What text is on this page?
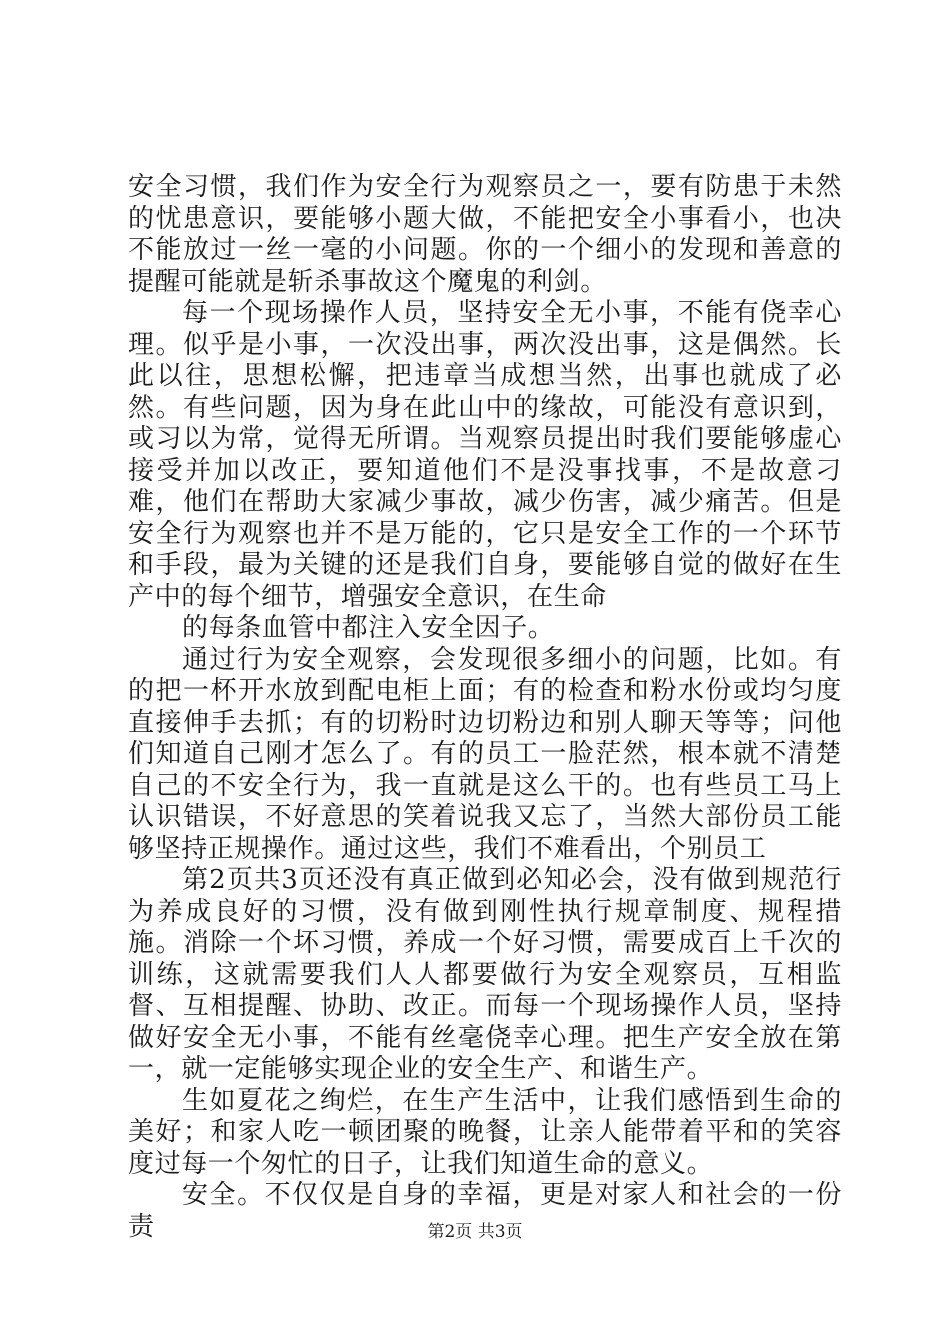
安全习惯，我们作为安全行为观察员之一，要有防患于未然的忧患意识，要能够小题大做，不能把安全小事看小，也决不能放过一丝一毫的小问题。你的一个细小的发现和善意的提醒可能就是斩杀事故这个魔鬼的利剑。

每一个现场操作人员，坚持安全无小事，不能有侥幸心理。似乎是小事，一次没出事，两次没出事，这是偶然。长此以往，思想松懈，把违章当成想当然，出事也就成了必然。有些问题，因为身在此山中的缘故，可能没有意识到，或习以为常，觉得无所谓。当观察员提出时我们要能够虚心接受并加以改正，要知道他们不是没事找事，不是故意刁难，他们在帮助大家减少事故，减少伤害，减少痛苦。但是安全行为观察也并不是万能的，它只是安全工作的一个环节和手段，最为关键的还是我们自身，要能够自觉的做好在生产中的每个细节，增强安全意识，在生命

的每条血管中都注入安全因子。

通过行为安全观察，会发现很多细小的问题，比如。有的把一杯开水放到配电柜上面；有的检查和粉水份或均匀度直接伸手去抓；有的切粉时边切粉边和别人聊天等等；问他们知道自己刚才怎么了。有的员工一脸茫然，根本就不清楚自己的不安全行为，我一直就是这么干的。也有些员工马上认识错误，不好意思的笑着说我又忘了，当然大部份员工能够坚持正规操作。通过这些，我们不难看出，个别员工

第2页共3页还没有真正做到必知必会，没有做到规范行为养成良好的习惯，没有做到刚性执行规章制度、规程措施。消除一个坏习惯，养成一个好习惯，需要成百上千次的训练，这就需要我们人人都要做行为安全观察员，互相监督、互相提醒、协助、改正。而每一个现场操作人员，坚持做好安全无小事，不能有丝毫侥幸心理。把生产安全放在第一，就一定能够实现企业的安全生产、和谐生产。

生如夏花之绚烂，在生产生活中，让我们感悟到生命的美好；和家人吃一顿团聚的晚餐，让亲人能带着平和的笑容度过每一个匆忙的日子，让我们知道生命的意义。

安全。不仅仅是自身的幸福，更是对家人和社会的一份责	第2页 共3页
